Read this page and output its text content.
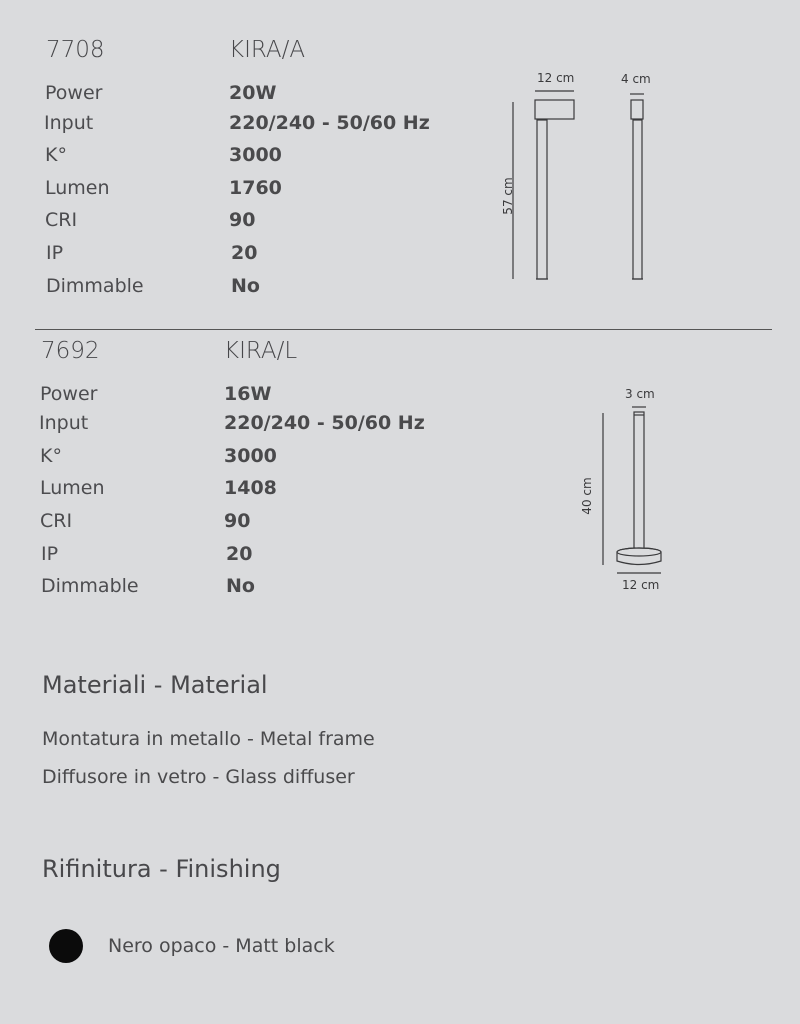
7708	KIRA/A
Power	20W
Input	220/240 - 50/60 Hz
K°	3000
Lumen	1760
CRI	90
IP	20
Dimmable	No
12 cm	4 cm
57 cm
7692	KIRA/L
Power	16W
Input	220/240 - 50/60 Hz
K°	3000
Lumen	1408
CRI	90
IP	20
Dimmable	No
3 cm
40 cm
12 cm
Materiali - Material
Montatura in metallo - Metal frame
Diffusore in vetro - Glass diffuser
Rifinitura - Finishing
Nero opaco - Matt black
